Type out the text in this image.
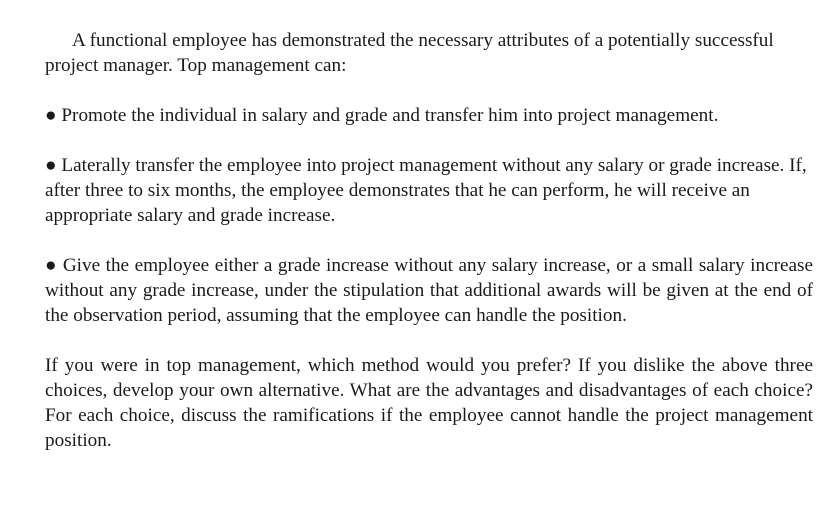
A functional employee has demonstrated the necessary attributes of a potentially successful project manager. Top management can:

● Promote the individual in salary and grade and transfer him into project management.

● Laterally transfer the employee into project management without any salary or grade increase. If, after three to six months, the employee demonstrates that he can perform, he will receive an appropriate salary and grade increase.

● Give the employee either a grade increase without any salary increase, or a small salary increase without any grade increase, under the stipulation that additional awards will be given at the end of the observation period, assuming that the employee can handle the position.

If you were in top management, which method would you prefer? If you dislike the above three choices, develop your own alternative. What are the advantages and disadvantages of each choice? For each choice, discuss the ramifications if the employee cannot handle the project management position.
